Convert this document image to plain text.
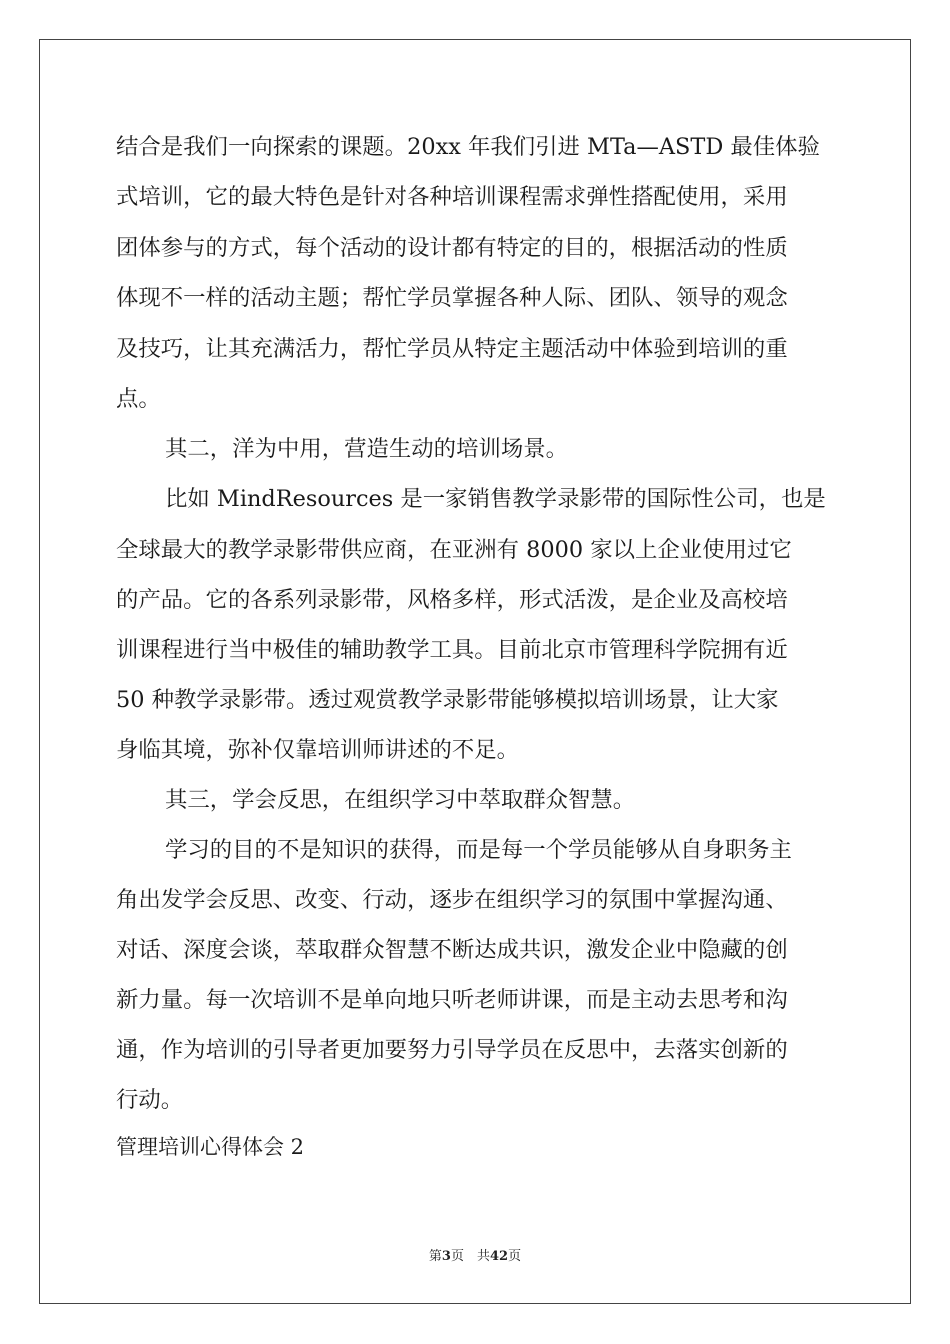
结合是我们一向探索的课题。20xx 年我们引进 MTa—ASTD 最佳体验
式培训，它的最大特色是针对各种培训课程需求弹性搭配使用，采用
团体参与的方式，每个活动的设计都有特定的目的，根据活动的性质
体现不一样的活动主题；帮忙学员掌握各种人际、团队、领导的观念
及技巧，让其充满活力，帮忙学员从特定主题活动中体验到培训的重
点。
其二，洋为中用，营造生动的培训场景。
比如 MindResources 是一家销售教学录影带的国际性公司，也是
全球最大的教学录影带供应商，在亚洲有 8000 家以上企业使用过它
的产品。它的各系列录影带，风格多样，形式活泼，是企业及高校培
训课程进行当中极佳的辅助教学工具。目前北京市管理科学院拥有近
50 种教学录影带。透过观赏教学录影带能够模拟培训场景，让大家
身临其境，弥补仅靠培训师讲述的不足。
其三，学会反思，在组织学习中萃取群众智慧。
学习的目的不是知识的获得，而是每一个学员能够从自身职务主
角出发学会反思、改变、行动，逐步在组织学习的氛围中掌握沟通、
对话、深度会谈，萃取群众智慧不断达成共识，激发企业中隐藏的创
新力量。每一次培训不是单向地只听老师讲课，而是主动去思考和沟
通，作为培训的引导者更加要努力引导学员在反思中，去落实创新的
行动。
管理培训心得体会 2
第3页　共42页
